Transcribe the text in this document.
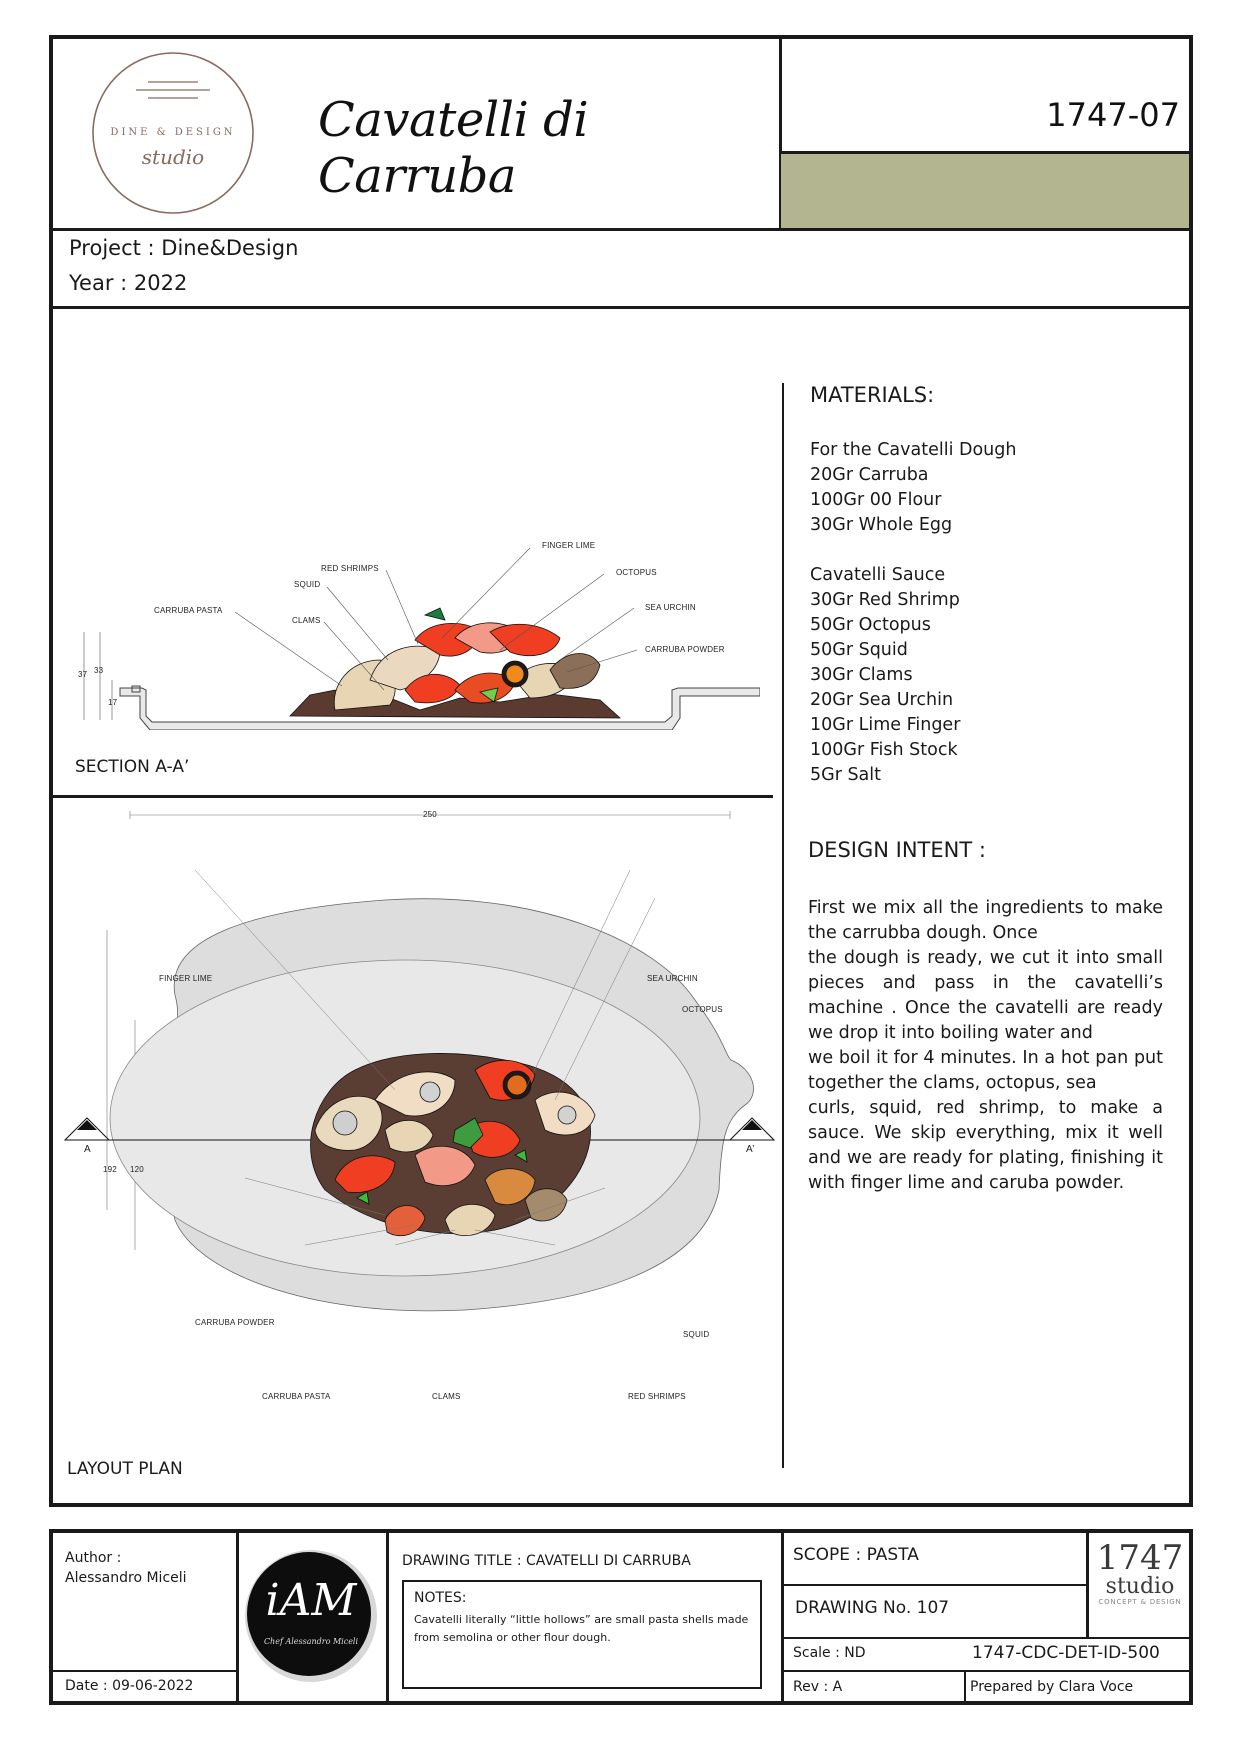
DINE & DESIGN
studio
Cavatelli di Carruba
1747-07
Project : Dine&Design
Year : 2022
37 33
17
FINGER LIME
RED SHRIMPS	OCTOPUS
SQUID
CARRUBA PASTA	SEA URCHIN
CLAMS
CARRUBA POWDER
SECTION A-A’
250
192 120
A	A’
FINGER LIME	SEA URCHIN
OCTOPUS
CARRUBA POWDER
SQUID
CARRUBA PASTA	CLAMS	RED SHRIMPS
LAYOUT PLAN
MATERIALS:
For the Cavatelli Dough
20Gr Carruba
100Gr 00 Flour
30Gr Whole Egg
Cavatelli Sauce
30Gr Red Shrimp
50Gr Octopus
50Gr Squid
30Gr Clams
20Gr Sea Urchin
10Gr Lime Finger
100Gr Fish Stock
5Gr Salt
DESIGN INTENT :

First we mix all the ingredients to make the carrubba dough. Once

the dough is ready, we cut it into small pieces and pass in the cavatelli’s machine . Once the cavatelli are ready we drop it into boiling water and

we boil it for 4 minutes. In a hot pan put together the clams, octopus, sea

curls, squid, red shrimp, to make a sauce. We skip everything, mix it well and we are ready for plating, finishing it with finger lime and caruba powder.

Author :
Alessandro Miceli
Date : 09-06-2022
iAM
Chef Alessandro Miceli
DRAWING TITLE : CAVATELLI DI CARRUBA
NOTES:
Cavatelli literally “little hollows” are small pasta shells made from semolina or other flour dough.
SCOPE : PASTA
DRAWING No. 107
Scale : ND	1747-CDC-DET-ID-500
Rev : A	Prepared by Clara Voce
1747
studio
CONCEPT & DESIGN
